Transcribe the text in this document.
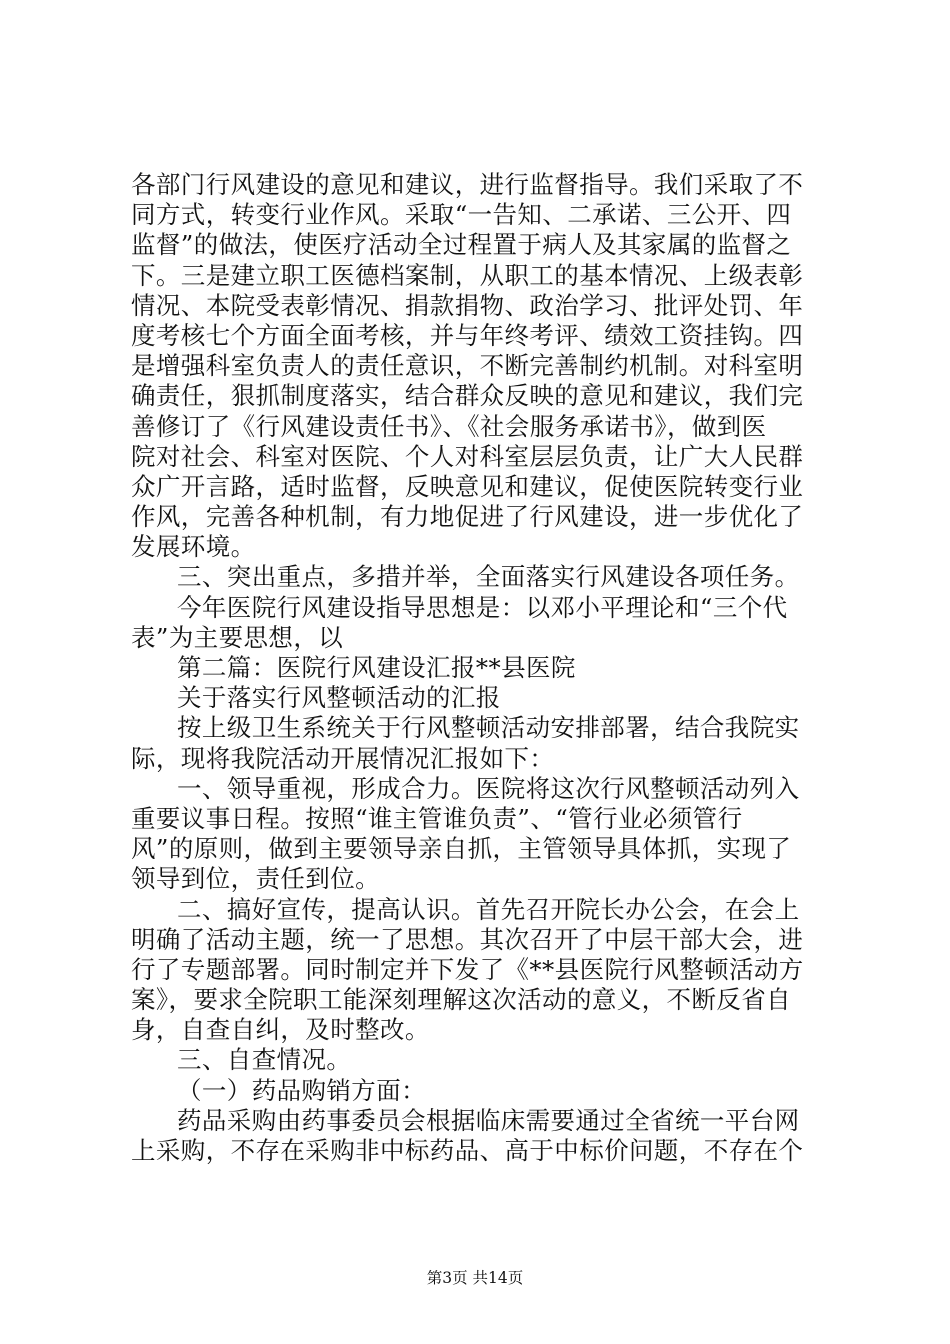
各部门行风建设的意见和建议，进行监督指导。我们采取了不
同方式，转变行业作风。采取“一告知、二承诺、三公开、四
监督”的做法，使医疗活动全过程置于病人及其家属的监督之
下。三是建立职工医德档案制，从职工的基本情况、上级表彰
情况、本院受表彰情况、捐款捐物、政治学习、批评处罚、年
度考核七个方面全面考核，并与年终考评、绩效工资挂钩。四
是增强科室负责人的责任意识，不断完善制约机制。对科室明
确责任，狠抓制度落实，结合群众反映的意见和建议，我们完
善修订了《行风建设责任书》、《社会服务承诺书》，做到医
院对社会、科室对医院、个人对科室层层负责，让广大人民群
众广开言路，适时监督，反映意见和建议，促使医院转变行业
作风，完善各种机制，有力地促进了行风建设，进一步优化了
发展环境。
三、突出重点，多措并举，全面落实行风建设各项任务。
今年医院行风建设指导思想是：以邓小平理论和“三个代
表”为主要思想，以
第二篇：医院行风建设汇报**县医院
关于落实行风整顿活动的汇报
按上级卫生系统关于行风整顿活动安排部署，结合我院实
际，现将我院活动开展情况汇报如下：
一、领导重视，形成合力。医院将这次行风整顿活动列入
重要议事日程。按照“谁主管谁负责”、“管行业必须管行
风”的原则，做到主要领导亲自抓，主管领导具体抓，实现了
领导到位，责任到位。
二、搞好宣传，提高认识。首先召开院长办公会，在会上
明确了活动主题，统一了思想。其次召开了中层干部大会，进
行了专题部署。同时制定并下发了《**县医院行风整顿活动方
案》，要求全院职工能深刻理解这次活动的意义，不断反省自
身，自查自纠，及时整改。
三、自查情况。
（一）药品购销方面：
药品采购由药事委员会根据临床需要通过全省统一平台网
上采购，不存在采购非中标药品、高于中标价问题，不存在个
第3页 共14页
